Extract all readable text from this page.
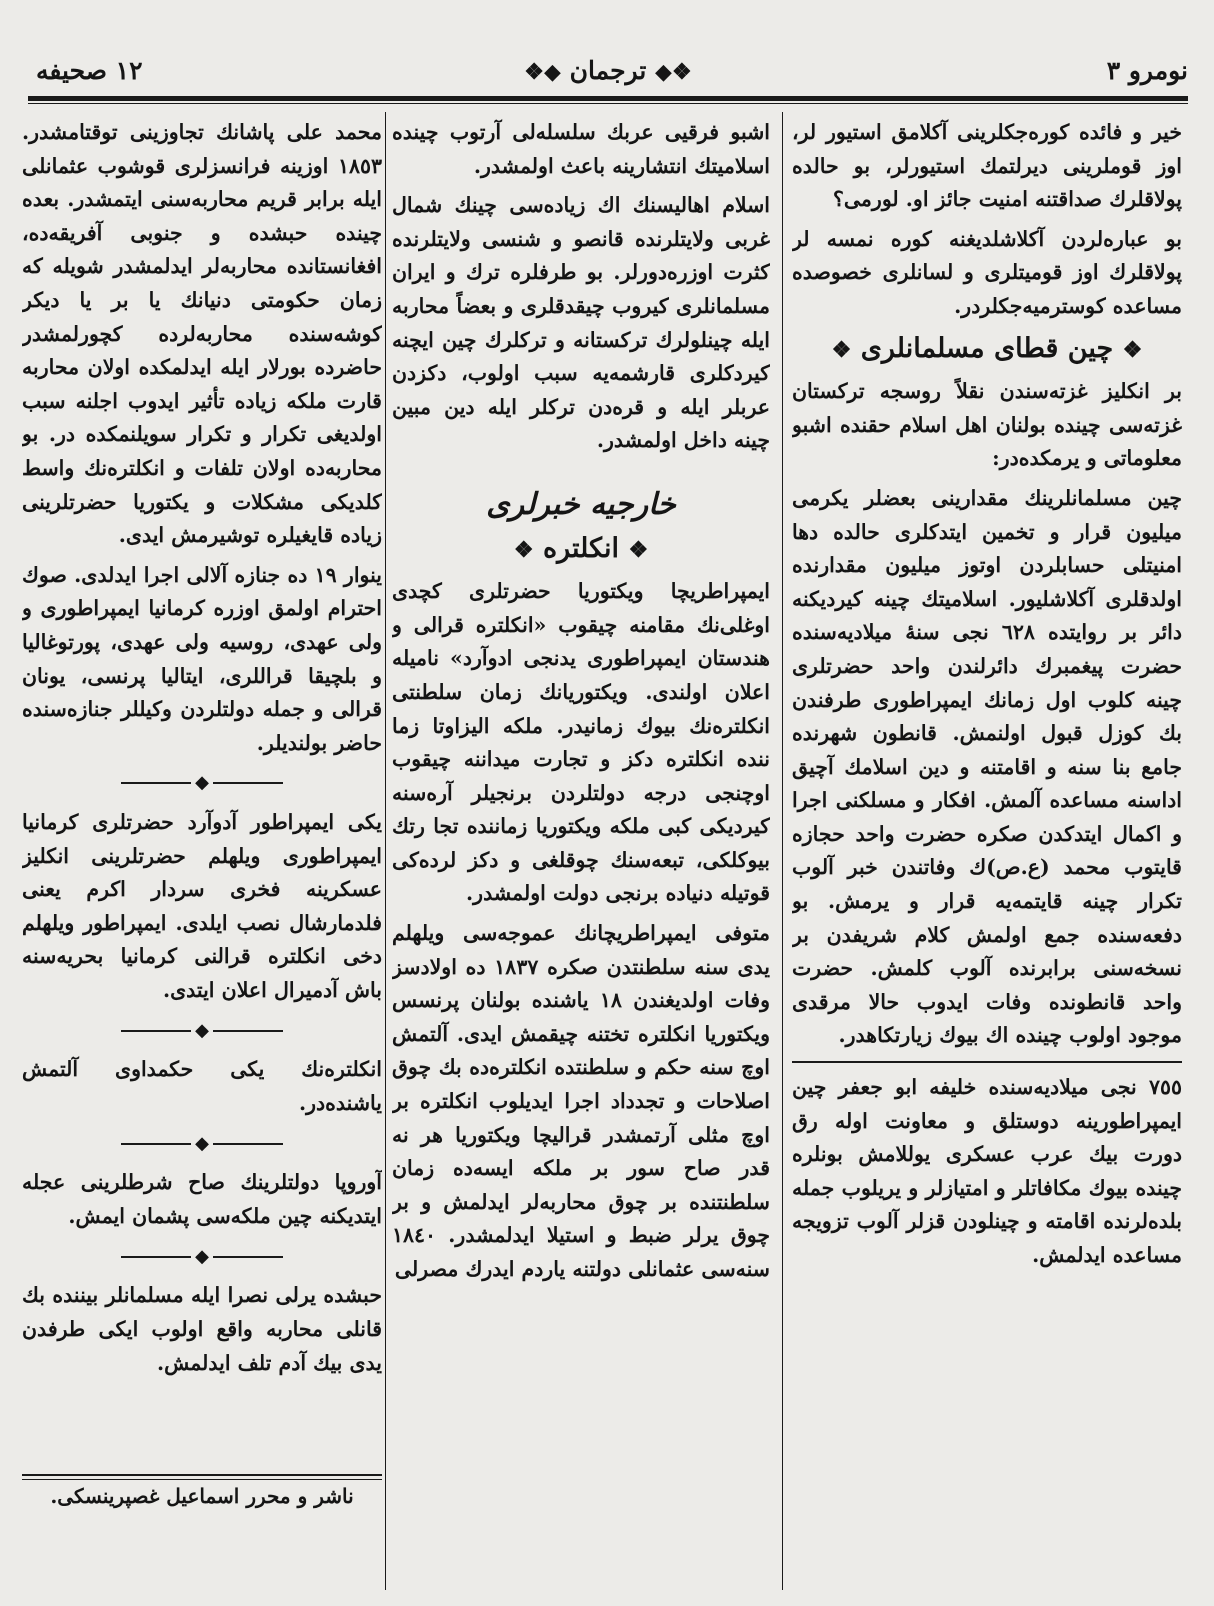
١٢ صحيفه	❖◆ ترجمان ◆❖	نومرو ٣

خير و فائده كوره‌جكلرينى آكلامق استيور لر، اوز قوملرينى ديرلتمك استيورلر، بو حالده پولاقلرك صداقتنه امنيت جائز او. لورمى؟

بو عباره‌لردن آكلاشلديغنه كوره نمسه لر پولاقلرك اوز قوميتلرى و لسانلرى خصوصده مساعده كوسترميه‌جكلردر.

❖ چين قطاى مسلمانلرى ❖

بر انكليز غزته‌سندن نقلاً روسجه تركستان غزته‌سى چينده بولنان اهل اسلام حقنده اشبو معلوماتى و يرمكده‌در:

چين مسلمانلرينك مقدارينى بعضلر يكرمى ميليون قرار و تخمين ايتدكلرى حالده دها امنيتلى حسابلردن اوتوز ميليون مقدارنده اولدقلرى آكلاشليور. اسلاميتك چينه كيرديكنه دائر بر روايتده ٦٢٨ نجى سنهٔ ميلاديه‌سنده حضرت پيغمبرك دائرلندن واحد حضرتلرى چينه كلوب اول زمانك ايمپراطورى طرفندن بك كوزل قبول اولنمش. قانطون شهرنده جامع بنا سنه و اقامتنه و دين اسلامك آچيق اداسنه مساعده آلمش. افكار و مسلكنى اجرا و اكمال ايتدكدن صكره حضرت واحد حجازه قايتوب محمد (ع.ص)ك وفاتندن خبر آلوب تكرار چينه قايتمه‌يه قرار و يرمش. بو دفعه‌سنده جمع اولمش كلام شريفدن بر نسخه‌سنى برابرنده آلوب كلمش. حضرت واحد قانطونده وفات ايدوب حالا مرقدى موجود اولوب چينده اك بيوك زيارتكاهدر.

٧٥٥ نجى ميلاديه‌سنده خليفه ابو جعفر چين ايمپراطورينه دوستلق و معاونت اوله رق دورت بيك عرب عسكرى يوللامش بونلره چينده بيوك مكافاتلر و امتيازلر و يريلوب جمله بلده‌لرنده اقامته و چينلودن قزلر آلوب تزويجه مساعده ايدلمش.

اشبو فرقيى عربك سلسله‌لى آرتوب چينده اسلاميتك انتشارينه باعث اولمشدر.

اسلام اهاليسنك اك زياده‌سى چينك شمال غربى ولايتلرنده قانصو و شنسى ولايتلرنده كثرت اوزره‌دورلر. بو طرفلره ترك و ايران مسلمانلرى كيروب چيقدقلرى و بعضاً محاربه ايله چينلولرك تركستانه و تركلرك چين ايچنه كيردكلرى قارشمه‌يه سبب اولوب، دكزدن عربلر ايله و قره‌دن تركلر ايله دين مبين چينه داخل اولمشدر.

خارجيه خبرلرى
❖ انكلتره ❖

ايمپراطريچا ويكتوريا حضرتلرى كچدى اوغلى‌نك مقامنه چيقوب «انكلتره قرالى و هندستان ايمپراطورى يدنجى ادوآرد» ناميله اعلان اولندى. ويكتوريانك زمان سلطنتى انكلتره‌نك بيوك زمانيدر. ملكه اليزاوتا زما ننده انكلتره دكز و تجارت ميداننه چيقوب اوچنجى درجه دولتلردن برنجيلر آره‌سنه كيرديكى كبى ملكه ويكتوريا زماننده تجا رتك بيوكلكى، تبعه‌سنك چوقلغى و دكز لرده‌كى قوتيله دنياده برنجى دولت اولمشدر.

متوفى ايمپراطريچانك عموجه‌سى ويلهلم يدى سنه سلطنتدن صكره ١٨٣٧ ده اولادسز وفات اولديغندن ١٨ ياشنده بولنان پرنسس ويكتوريا انكلتره تختنه چيقمش ايدى. آلتمش اوچ سنه حكم و سلطنتده انكلتره‌ده بك چوق اصلاحات و تجدداد اجرا ايديلوب انكلتره بر اوچ مثلى آرتمشدر قراليچا ويكتوريا هر نه قدر صاح سور بر ملكه ايسه‌ده زمان سلطنتنده بر چوق محاربه‌لر ايدلمش و بر چوق يرلر ضبط و استيلا ايدلمشدر. ١٨٤٠ سنه‌سى عثمانلى دولتنه ياردم ايدرك مصرلى

محمد على پاشانك تجاوزينى توقتامشدر. ١٨٥٣ اوزينه فرانسزلرى قوشوب عثمانلى ايله برابر قريم محاربه‌سنى ايتمشدر. بعده چينده حبشده و جنوبى آفريقه‌ده، افغانستانده محاربه‌لر ايدلمشدر شويله كه زمان حكومتى دنيانك يا بر يا ديكر كوشه‌سنده محاربه‌لرده كچورلمشدر حاضرده بورلار ايله ايدلمكده اولان محاربه قارت ملكه زياده تأثير ايدوب اجلنه سبب اولديغى تكرار و تكرار سويلنمكده در. بو محاربه‌ده اولان تلفات و انكلتره‌نك واسط كلديكى مشكلات و يكتوريا حضرتلرينى زياده قايغيلره توشيرمش ايدى.

ينوار ١٩ ده جنازه آلالى اجرا ايدلدى. صوك احترام اولمق اوزره كرمانيا ايمپراطورى و ولى عهدى، روسيه ولى عهدى، پورتوغاليا و بلچيقا قراللرى، ايتاليا پرنسى، يونان قرالى و جمله دولتلردن وكيللر جنازه‌سنده حاضر بولنديلر.

◆

يكى ايمپراطور آدوآرد حضرتلرى كرمانيا ايمپراطورى ويلهلم حضرتلرينى انكليز عسكرينه فخرى سردار اكرم يعنى فلدمارشال نصب ايلدى. ايمپراطور ويلهلم دخى انكلتره قرالنى كرمانيا بحريه‌سنه باش آدميرال اعلان ايتدى.

◆

انكلتره‌نك يكى حكمداوى آلتمش ياشنده‌در.

◆

آوروپا دولتلرينك صاح شرطلرينى عجله ايتديكنه چين ملكه‌سى پشمان ايمش.

◆

حبشده يرلى نصرا ايله مسلمانلر بيننده بك قانلى محاربه واقع اولوب ايكى طرفدن يدى بيك آدم تلف ايدلمش.

ناشر و محرر اسماعيل غصپرينسكى.
